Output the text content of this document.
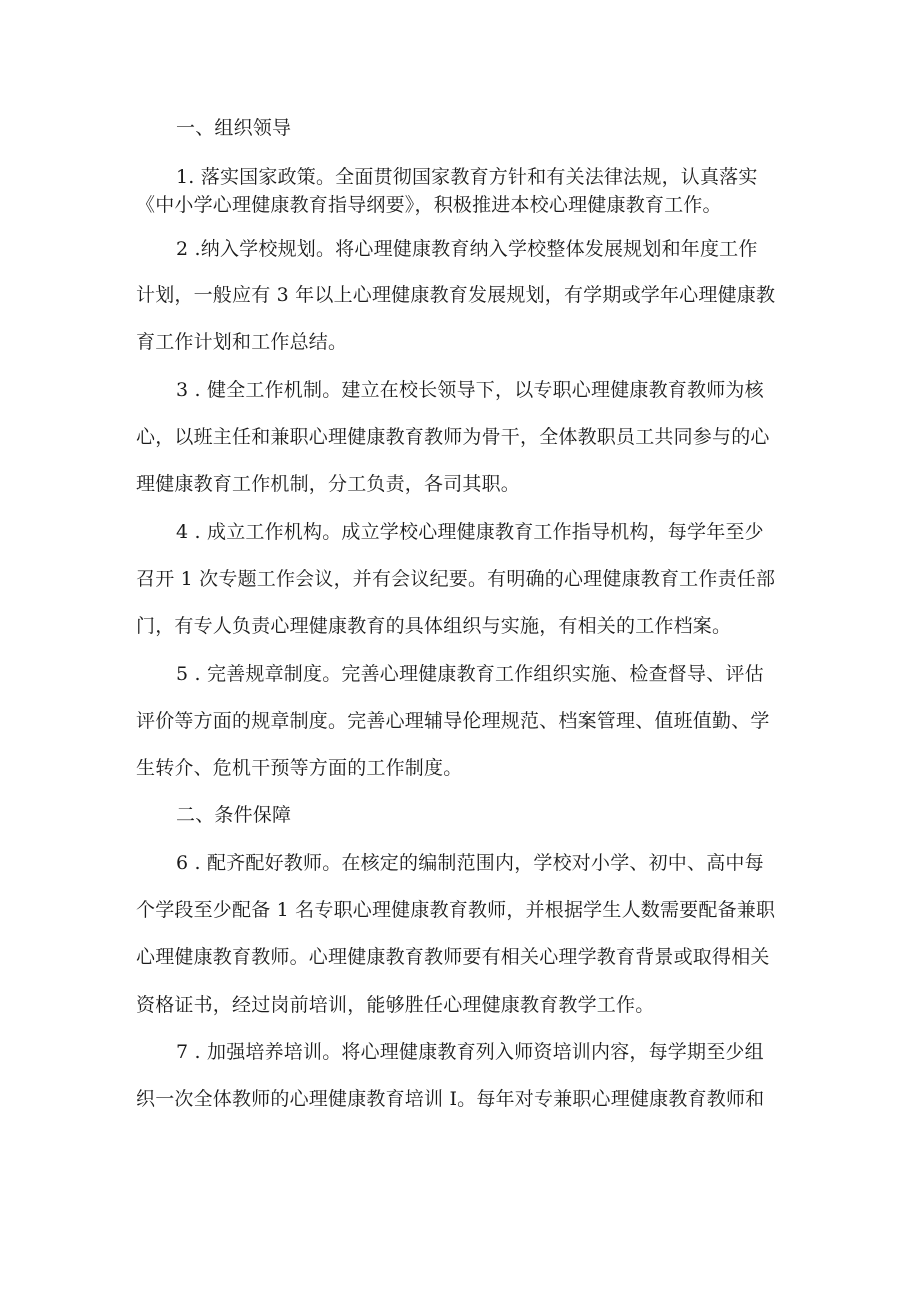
一、组织领导

1. 落实国家政策。全面贯彻国家教育方针和有关法律法规，认真落实

《中小学心理健康教育指导纲要》，积极推进本校心理健康教育工作。

2 .纳入学校规划。将心理健康教育纳入学校整体发展规划和年度工作

计划，一般应有 3 年以上心理健康教育发展规划，有学期或学年心理健康教

育工作计划和工作总结。

3 . 健全工作机制。建立在校长领导下，以专职心理健康教育教师为核

心，以班主任和兼职心理健康教育教师为骨干，全体教职员工共同参与的心

理健康教育工作机制，分工负责，各司其职。

4 . 成立工作机构。成立学校心理健康教育工作指导机构，每学年至少

召开 1 次专题工作会议，并有会议纪要。有明确的心理健康教育工作责任部

门，有专人负责心理健康教育的具体组织与实施，有相关的工作档案。

5 . 完善规章制度。完善心理健康教育工作组织实施、检查督导、评估

评价等方面的规章制度。完善心理辅导伦理规范、档案管理、值班值勤、学

生转介、危机干预等方面的工作制度。

二、条件保障

6 . 配齐配好教师。在核定的编制范围内，学校对小学、初中、高中每

个学段至少配备 1 名专职心理健康教育教师，并根据学生人数需要配备兼职

心理健康教育教师。心理健康教育教师要有相关心理学教育背景或取得相关

资格证书，经过岗前培训，能够胜任心理健康教育教学工作。

7 . 加强培养培训。将心理健康教育列入师资培训内容，每学期至少组

织一次全体教师的心理健康教育培训 I。每年对专兼职心理健康教育教师和
